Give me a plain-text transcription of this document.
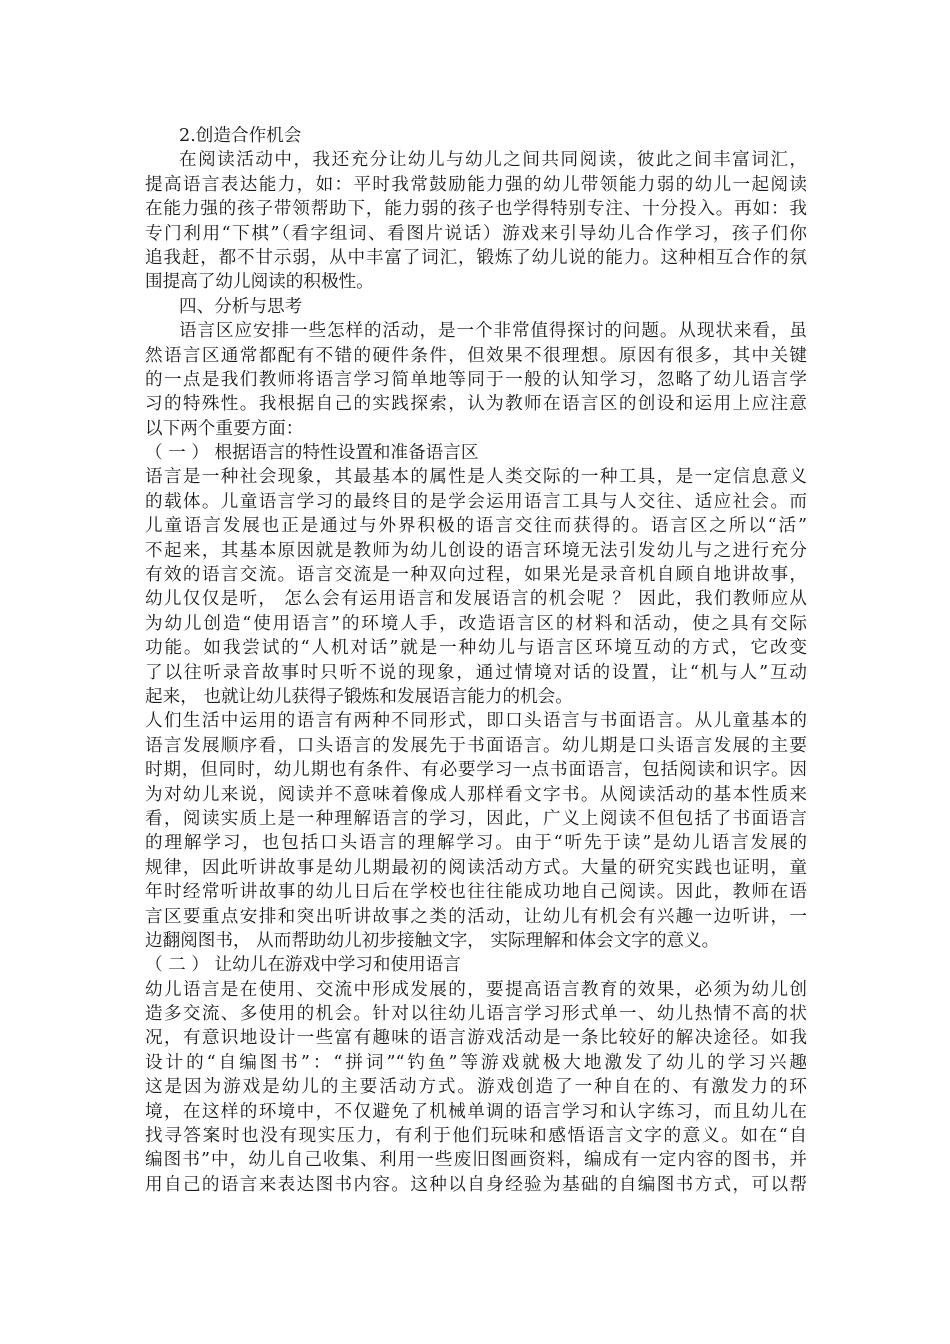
2.创造合作机会
在阅读活动中，我还充分让幼儿与幼儿之间共同阅读，彼此之间丰富词汇，
提高语言表达能力，如：平时我常鼓励能力强的幼儿带领能力弱的幼儿一起阅读
在能力强的孩子带领帮助下，能力弱的孩子也学得特别专注、十分投入。再如：我
专门利用“下棋”（看字组词、看图片说话）游戏来引导幼儿合作学习，孩子们你
追我赶，都不甘示弱，从中丰富了词汇，锻炼了幼儿说的能力。这种相互合作的氛
围提高了幼儿阅读的积极性。
四、分析与思考
语言区应安排一些怎样的活动，是一个非常值得探讨的问题。从现状来看，虽
然语言区通常都配有不错的硬件条件，但效果不很理想。原因有很多，其中关键
的一点是我们教师将语言学习简单地等同于一般的认知学习，忽略了幼儿语言学
习的特殊性。我根据自己的实践探索，认为教师在语言区的创设和运用上应注意
以下两个重要方面：
（ 一 ） 根据语言的特性设置和准备语言区
语言是一种社会现象，其最基本的属性是人类交际的一种工具，是一定信息意义
的载体。儿童语言学习的最终目的是学会运用语言工具与人交往、适应社会。而
儿童语言发展也正是通过与外界积极的语言交往而获得的。语言区之所以“活”
不起来，其基本原因就是教师为幼儿创设的语言环境无法引发幼儿与之进行充分
有效的语言交流。语言交流是一种双向过程，如果光是录音机自顾自地讲故事，
幼儿仅仅是听， 怎么会有运用语言和发展语言的机会呢 ？ 因此，我们教师应从
为幼儿创造“使用语言”的环境人手，改造语言区的材料和活动，使之具有交际
功能。如我尝试的“人机对话”就是一种幼儿与语言区环境互动的方式，它改变
了以往听录音故事时只听不说的现象，通过情境对话的设置，让“机与人”互动
起来， 也就让幼儿获得子锻炼和发展语言能力的机会。
人们生活中运用的语言有两种不同形式，即口头语言与书面语言。从儿童基本的
语言发展顺序看，口头语言的发展先于书面语言。幼儿期是口头语言发展的主要
时期，但同时，幼儿期也有条件、有必要学习一点书面语言，包括阅读和识字。因
为对幼儿来说，阅读并不意味着像成人那样看文字书。从阅读活动的基本性质来
看，阅读实质上是一种理解语言的学习，因此，广义上阅读不但包括了书面语言
的理解学习，也包括口头语言的理解学习。由于“听先于读”是幼儿语言发展的
规律，因此听讲故事是幼儿期最初的阅读活动方式。大量的研究实践也证明，童
年时经常听讲故事的幼儿日后在学校也往往能成功地自己阅读。因此，教师在语
言区要重点安排和突出听讲故事之类的活动，让幼儿有机会有兴趣一边听讲，一
边翻阅图书， 从而帮助幼儿初步接触文字， 实际理解和体会文字的意义。
（ 二 ） 让幼儿在游戏中学习和使用语言
幼儿语言是在使用、交流中形成发展的，要提高语言教育的效果，必须为幼儿创
造多交流、多使用的机会。针对以往幼儿语言学习形式单一、幼儿热情不高的状
况，有意识地设计一些富有趣味的语言游戏活动是一条比较好的解决途径。如我
设计的“自编图书”：“拼词”“钓鱼”等游戏就极大地激发了幼儿的学习兴趣
这是因为游戏是幼儿的主要活动方式。游戏创造了一种自在的、有激发力的环
境，在这样的环境中，不仅避免了机械单调的语言学习和认字练习，而且幼儿在
找寻答案时也没有现实压力，有利于他们玩味和感悟语言文字的意义。如在“自
编图书”中，幼儿自己收集、利用一些废旧图画资料，编成有一定内容的图书，并
用自己的语言来表达图书内容。这种以自身经验为基础的自编图书方式，可以帮
